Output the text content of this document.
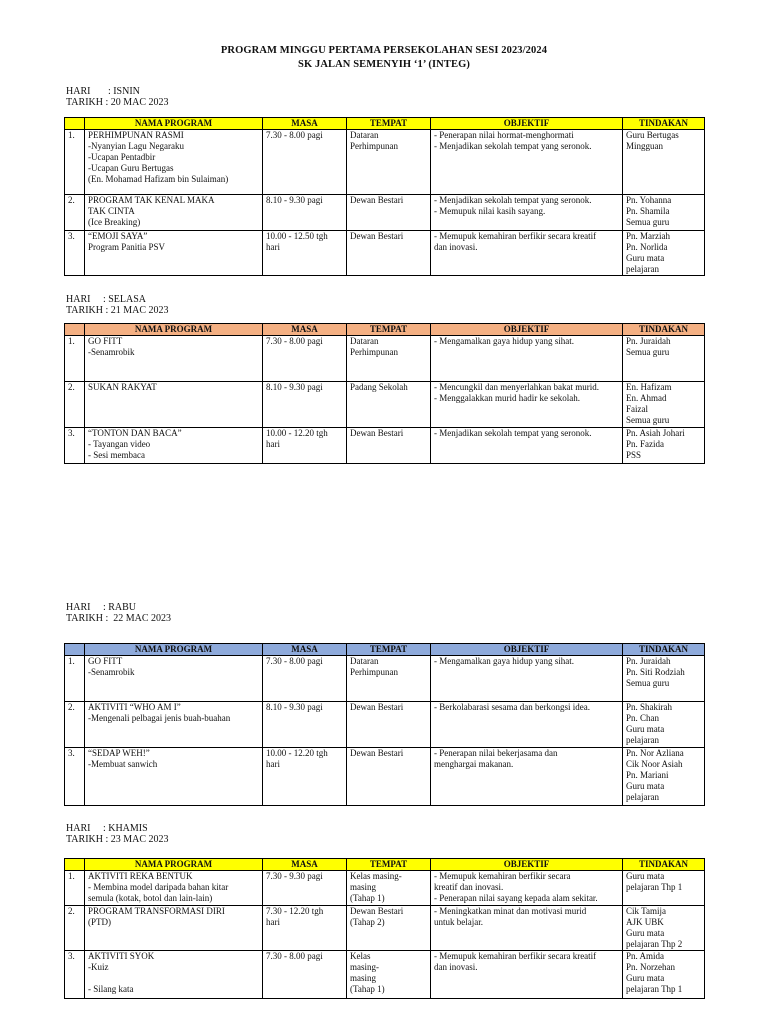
PROGRAM MINGGU PERTAMA PERSEKOLAHAN SESI 2023/2024
SK JALAN SEMENYIH ‘1’ (INTEG)
HARI       : ISNIN
TARIKH : 20 MAC 2023
	NAMA PROGRAM	MASA	TEMPAT	OBJEKTIF	TINDAKAN
1.	PERHIMPUNAN RASMI
-Nyanyian Lagu Negaraku
-Ucapan Pentadbir
-Ucapan Guru Bertugas
(En. Mohamad Hafizam bin Sulaiman)	7.30 - 8.00 pagi	Dataran
Perhimpunan	- Penerapan nilai hormat-menghormati
- Menjadikan sekolah tempat yang seronok.	Guru Bertugas
Mingguan

2.	PROGRAM TAK KENAL MAKA
TAK CINTA
(Ice Breaking)	8.10 - 9.30 pagi	Dewan Bestari	- Menjadikan sekolah tempat yang seronok.
- Memupuk nilai kasih sayang.	Pn. Yohanna
Pn. Shamila
Semua guru

3.	“EMOJI SAYA”
Program Panitia PSV	10.00 - 12.50 tgh
hari	Dewan Bestari	- Memupuk kemahiran berfikir secara kreatif
dan inovasi.	Pn. Marziah
Pn. Norlida
Guru mata
pelajaran
HARI     : SELASA
TARIKH : 21 MAC 2023
	NAMA PROGRAM	MASA	TEMPAT	OBJEKTIF	TINDAKAN
1.	GO FITT
-Senamrobik	7.30 - 8.00 pagi	Dataran
Perhimpunan	- Mengamalkan gaya hidup yang sihat.	Pn. Juraidah
Semua guru

2.	SUKAN RAKYAT	8.10 - 9.30 pagi	Padang Sekolah	- Mencungkil dan menyerlahkan bakat murid.
- Menggalakkan murid hadir ke sekolah.	En. Hafizam
En. Ahmad
Faizal
Semua guru

3.	“TONTON DAN BACA”
- Tayangan video
- Sesi membaca	10.00 - 12.20 tgh
hari	Dewan Bestari	- Menjadikan sekolah tempat yang seronok.	Pn. Asiah Johari
Pn. Fazida
PSS
HARI     : RABU
TARIKH :  22 MAC 2023
	NAMA PROGRAM	MASA	TEMPAT	OBJEKTIF	TINDAKAN
1.	GO FITT
-Senamrobik	7.30 - 8.00 pagi	Dataran
Perhimpunan	- Mengamalkan gaya hidup yang sihat.	Pn. Juraidah
Pn. Siti Rodziah
Semua guru

2.	AKTIVITI “WHO AM I”
-Mengenali pelbagai jenis buah-buahan	8.10 - 9.30 pagi	Dewan Bestari	- Berkolabarasi sesama dan berkongsi idea.	Pn. Shakirah
Pn. Chan
Guru mata
pelajaran

3.	“SEDAP WEH!”
-Membuat sanwich	10.00 - 12.20 tgh
hari	Dewan Bestari	- Penerapan nilai bekerjasama dan
menghargai makanan.	Pn. Nor Azliana
Cik Noor Asiah
Pn. Mariani
Guru mata
pelajaran
HARI     : KHAMIS
TARIKH : 23 MAC 2023
	NAMA PROGRAM	MASA	TEMPAT	OBJEKTIF	TINDAKAN
1.	AKTIVITI REKA BENTUK
- Membina model daripada bahan kitar
semula (kotak, botol dan lain-lain)	7.30 - 9.30 pagi	Kelas masing-
masing
(Tahap 1)	- Memupuk kemahiran berfikir secara
kreatif dan inovasi.
- Penerapan nilai sayang kepada alam sekitar.	Guru mata
pelajaran Thp 1

2.	PROGRAM TRANSFORMASI DIRI
(PTD)	7.30 - 12.20 tgh
hari	Dewan Bestari
(Tahap 2)	- Meningkatkan minat dan motivasi murid
untuk belajar.	Cik Tamija
AJK UBK
Guru mata
pelajaran Thp 2

3.	AKTIVITI SYOK
-Kuiz

- Silang kata	7.30 - 8.00 pagi	Kelas
masing-
masing
(Tahap 1)	- Memupuk kemahiran berfikir secara kreatif
dan inovasi.	Pn. Amida
Pn. Norzehan
Guru mata
pelajaran Thp 1
